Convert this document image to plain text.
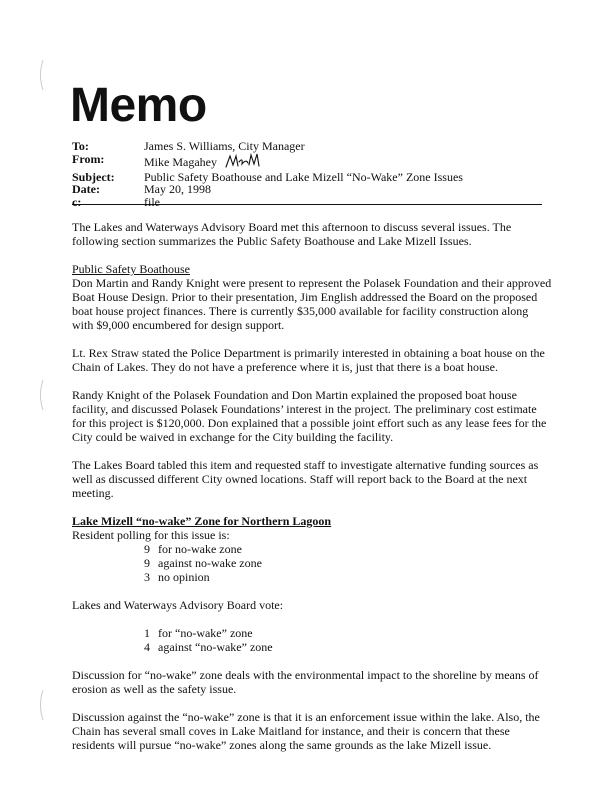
Memo
To:	James S. Williams, City Manager
From:	Mike Magahey
Subject:	Public Safety Boathouse and Lake Mizell “No-Wake” Zone Issues
Date:	May 20, 1998
c:	file

The Lakes and Waterways Advisory Board met this afternoon to discuss several issues. The following section summarizes the Public Safety Boathouse and Lake Mizell Issues.

Public Safety Boathouse

Don Martin and Randy Knight were present to represent the Polasek Foundation and their approved Boat House Design. Prior to their presentation, Jim English addressed the Board on the proposed boat house project finances. There is currently $35,000 available for facility construction along with $9,000 encumbered for design support.

Lt. Rex Straw stated the Police Department is primarily interested in obtaining a boat house on the Chain of Lakes. They do not have a preference where it is, just that there is a boat house.

Randy Knight of the Polasek Foundation and Don Martin explained the proposed boat house facility, and discussed Polasek Foundations’ interest in the project. The preliminary cost estimate for this project is $120,000. Don explained that a possible joint effort such as any lease fees for the City could be waived in exchange for the City building the facility.

The Lakes Board tabled this item and requested staff to investigate alternative funding sources as well as discussed different City owned locations. Staff will report back to the Board at the next meeting.

Lake Mizell “no-wake” Zone for Northern Lagoon
Resident polling for this issue is:
9 for no-wake zone
9 against no-wake zone
3 no opinion

Lakes and Waterways Advisory Board vote:

1 for “no-wake” zone
4 against “no-wake” zone

Discussion for “no-wake” zone deals with the environmental impact to the shoreline by means of erosion as well as the safety issue.

Discussion against the “no-wake” zone is that it is an enforcement issue within the lake. Also, the Chain has several small coves in Lake Maitland for instance, and their is concern that these residents will pursue “no-wake” zones along the same grounds as the lake Mizell issue.
